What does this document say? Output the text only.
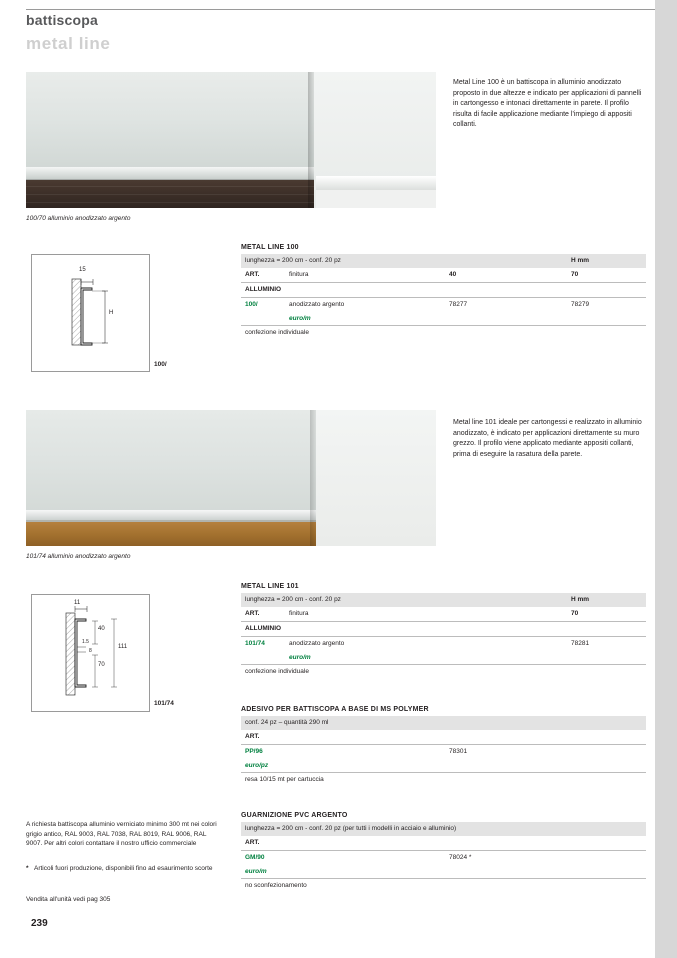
battiscopa
metal line
100/70 alluminio anodizzato argento
Metal Line 100 è un battiscopa in alluminio anodizzato proposto in due altezze e indicato per applicazioni di pannelli in cartongesso e intonaci direttamente in parete. Il profilo risulta di facile applicazione mediante l'impiego di appositi collanti.
15
H
100/
METAL LINE 100
lunghezza = 200 cm - conf. 20 pz	H mm
ART.	finitura	40	70
ALLUMINIO
100/	anodizzato argento	78277	78279
euro/m
confezione individuale
101/74 alluminio anodizzato argento
Metal line 101 ideale per cartongessi e realizzato in alluminio anodizzato, è indicato per applicazioni direttamente su muro grezzo. Il profilo viene applicato mediante appositi collanti, prima di eseguire la rasatura della parete.
11
40
111
70
1.5
8
101/74
METAL LINE 101
lunghezza = 200 cm - conf. 20 pz	H mm
ART.	finitura	70
ALLUMINIO
101/74	anodizzato argento	78281
euro/m
confezione individuale
ADESIVO PER BATTISCOPA A BASE DI MS POLYMER
conf. 24 pz – quantità 290 ml
ART.
PP/96	78301
euro/pz
resa 10/15 mt per cartuccia
GUARNIZIONE PVC ARGENTO
lunghezza = 200 cm - conf. 20 pz (per tutti i modelli in acciaio e alluminio)
ART.
GM/90	78024 *
euro/m
no sconfezionamento
A richiesta battiscopa alluminio verniciato minimo 300 mt nei colori grigio antico, RAL 9003, RAL 7038, RAL 8019, RAL 9006, RAL 9007. Per altri colori contattare il nostro ufficio commerciale
* Articoli fuori produzione, disponibili fino ad esaurimento scorte
Vendita all'unità vedi pag 305
239
